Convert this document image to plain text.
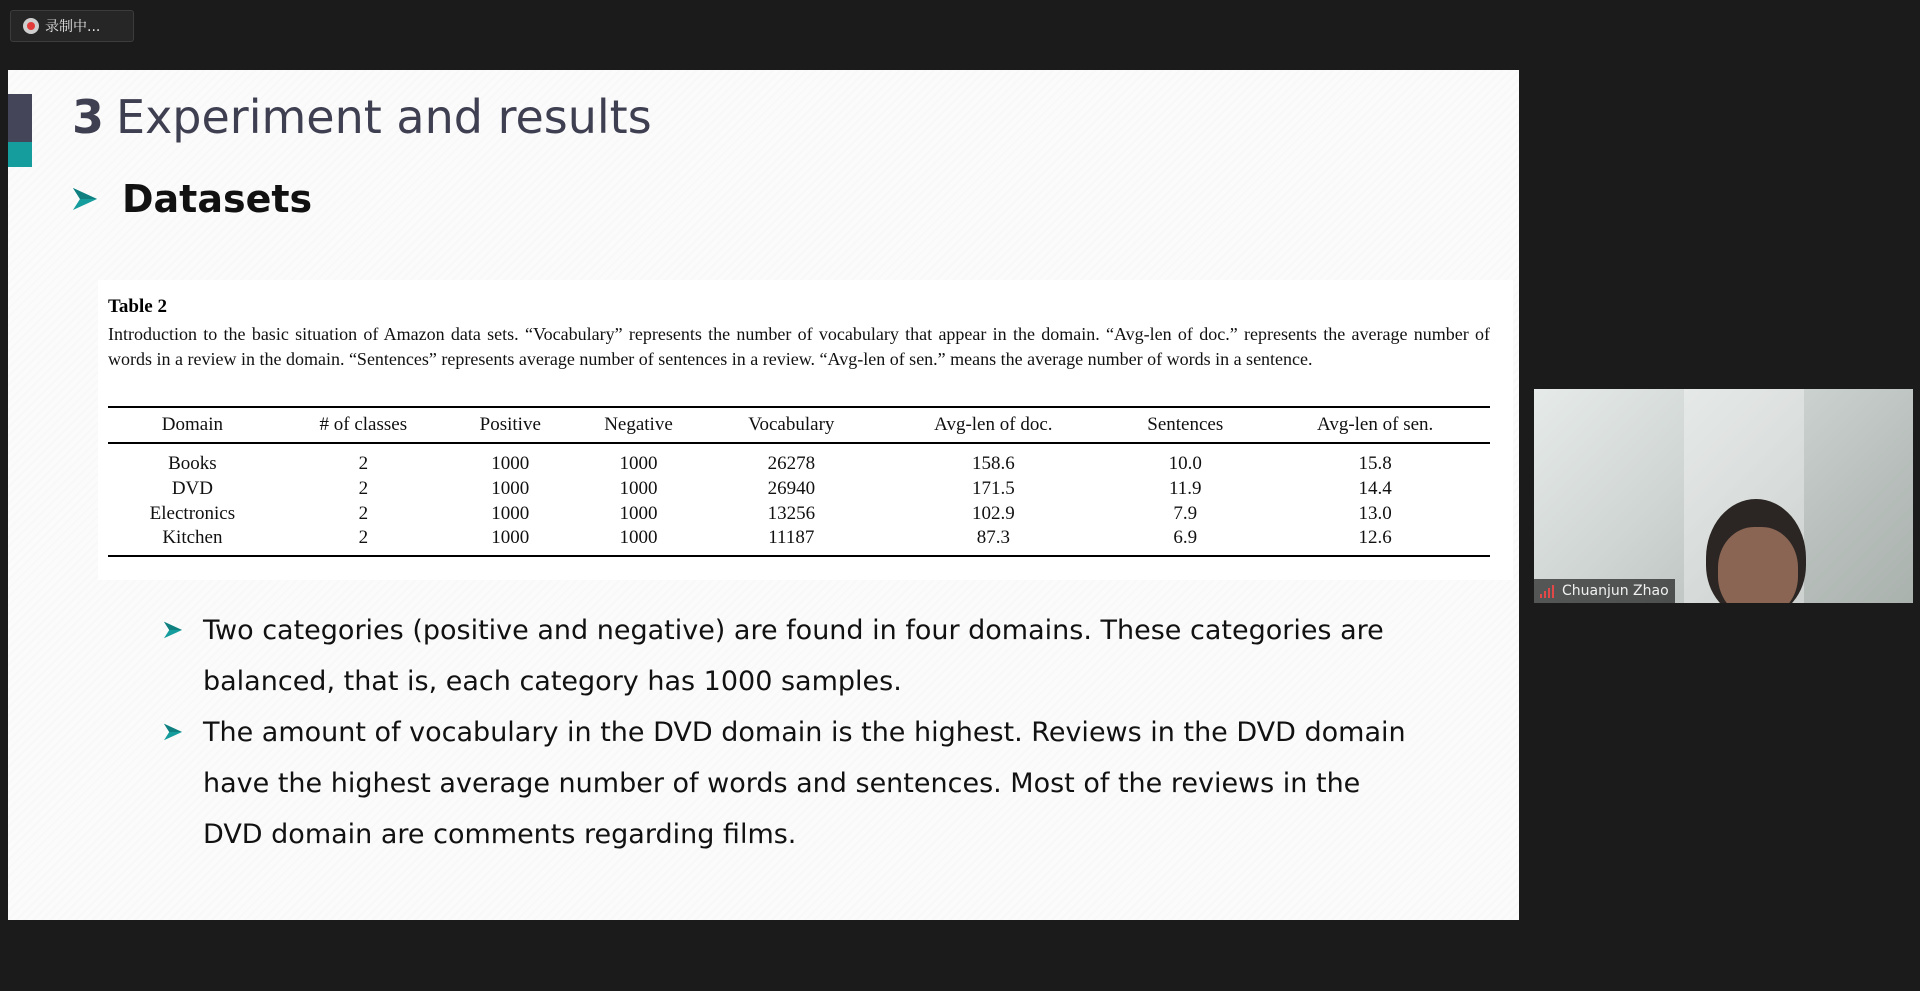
录制中...
3 Experiment and results
Datasets
Table 2
Introduction to the basic situation of Amazon data sets. “Vocabulary” represents the number of vocabulary that appear in the domain. “Avg-len of doc.” represents the average number of words in a review in the domain. “Sentences” represents average number of sentences in a review. “Avg-len of sen.” means the average number of words in a sentence.
Domain	# of classes	Positive	Negative	Vocabulary	Avg-len of doc.	Sentences	Avg-len of sen.
Books	2	1000	1000	26278	158.6	10.0	15.8
DVD	2	1000	1000	26940	171.5	11.9	14.4
Electronics	2	1000	1000	13256	102.9	7.9	13.0
Kitchen	2	1000	1000	11187	87.3	6.9	12.6
Two categories (positive and negative) are found in four domains. These categories are balanced, that is, each category has 1000 samples.
The amount of vocabulary in the DVD domain is the highest. Reviews in the DVD domain have the highest average number of words and sentences. Most of the reviews in the DVD domain are comments regarding films.
Chuanjun Zhao
